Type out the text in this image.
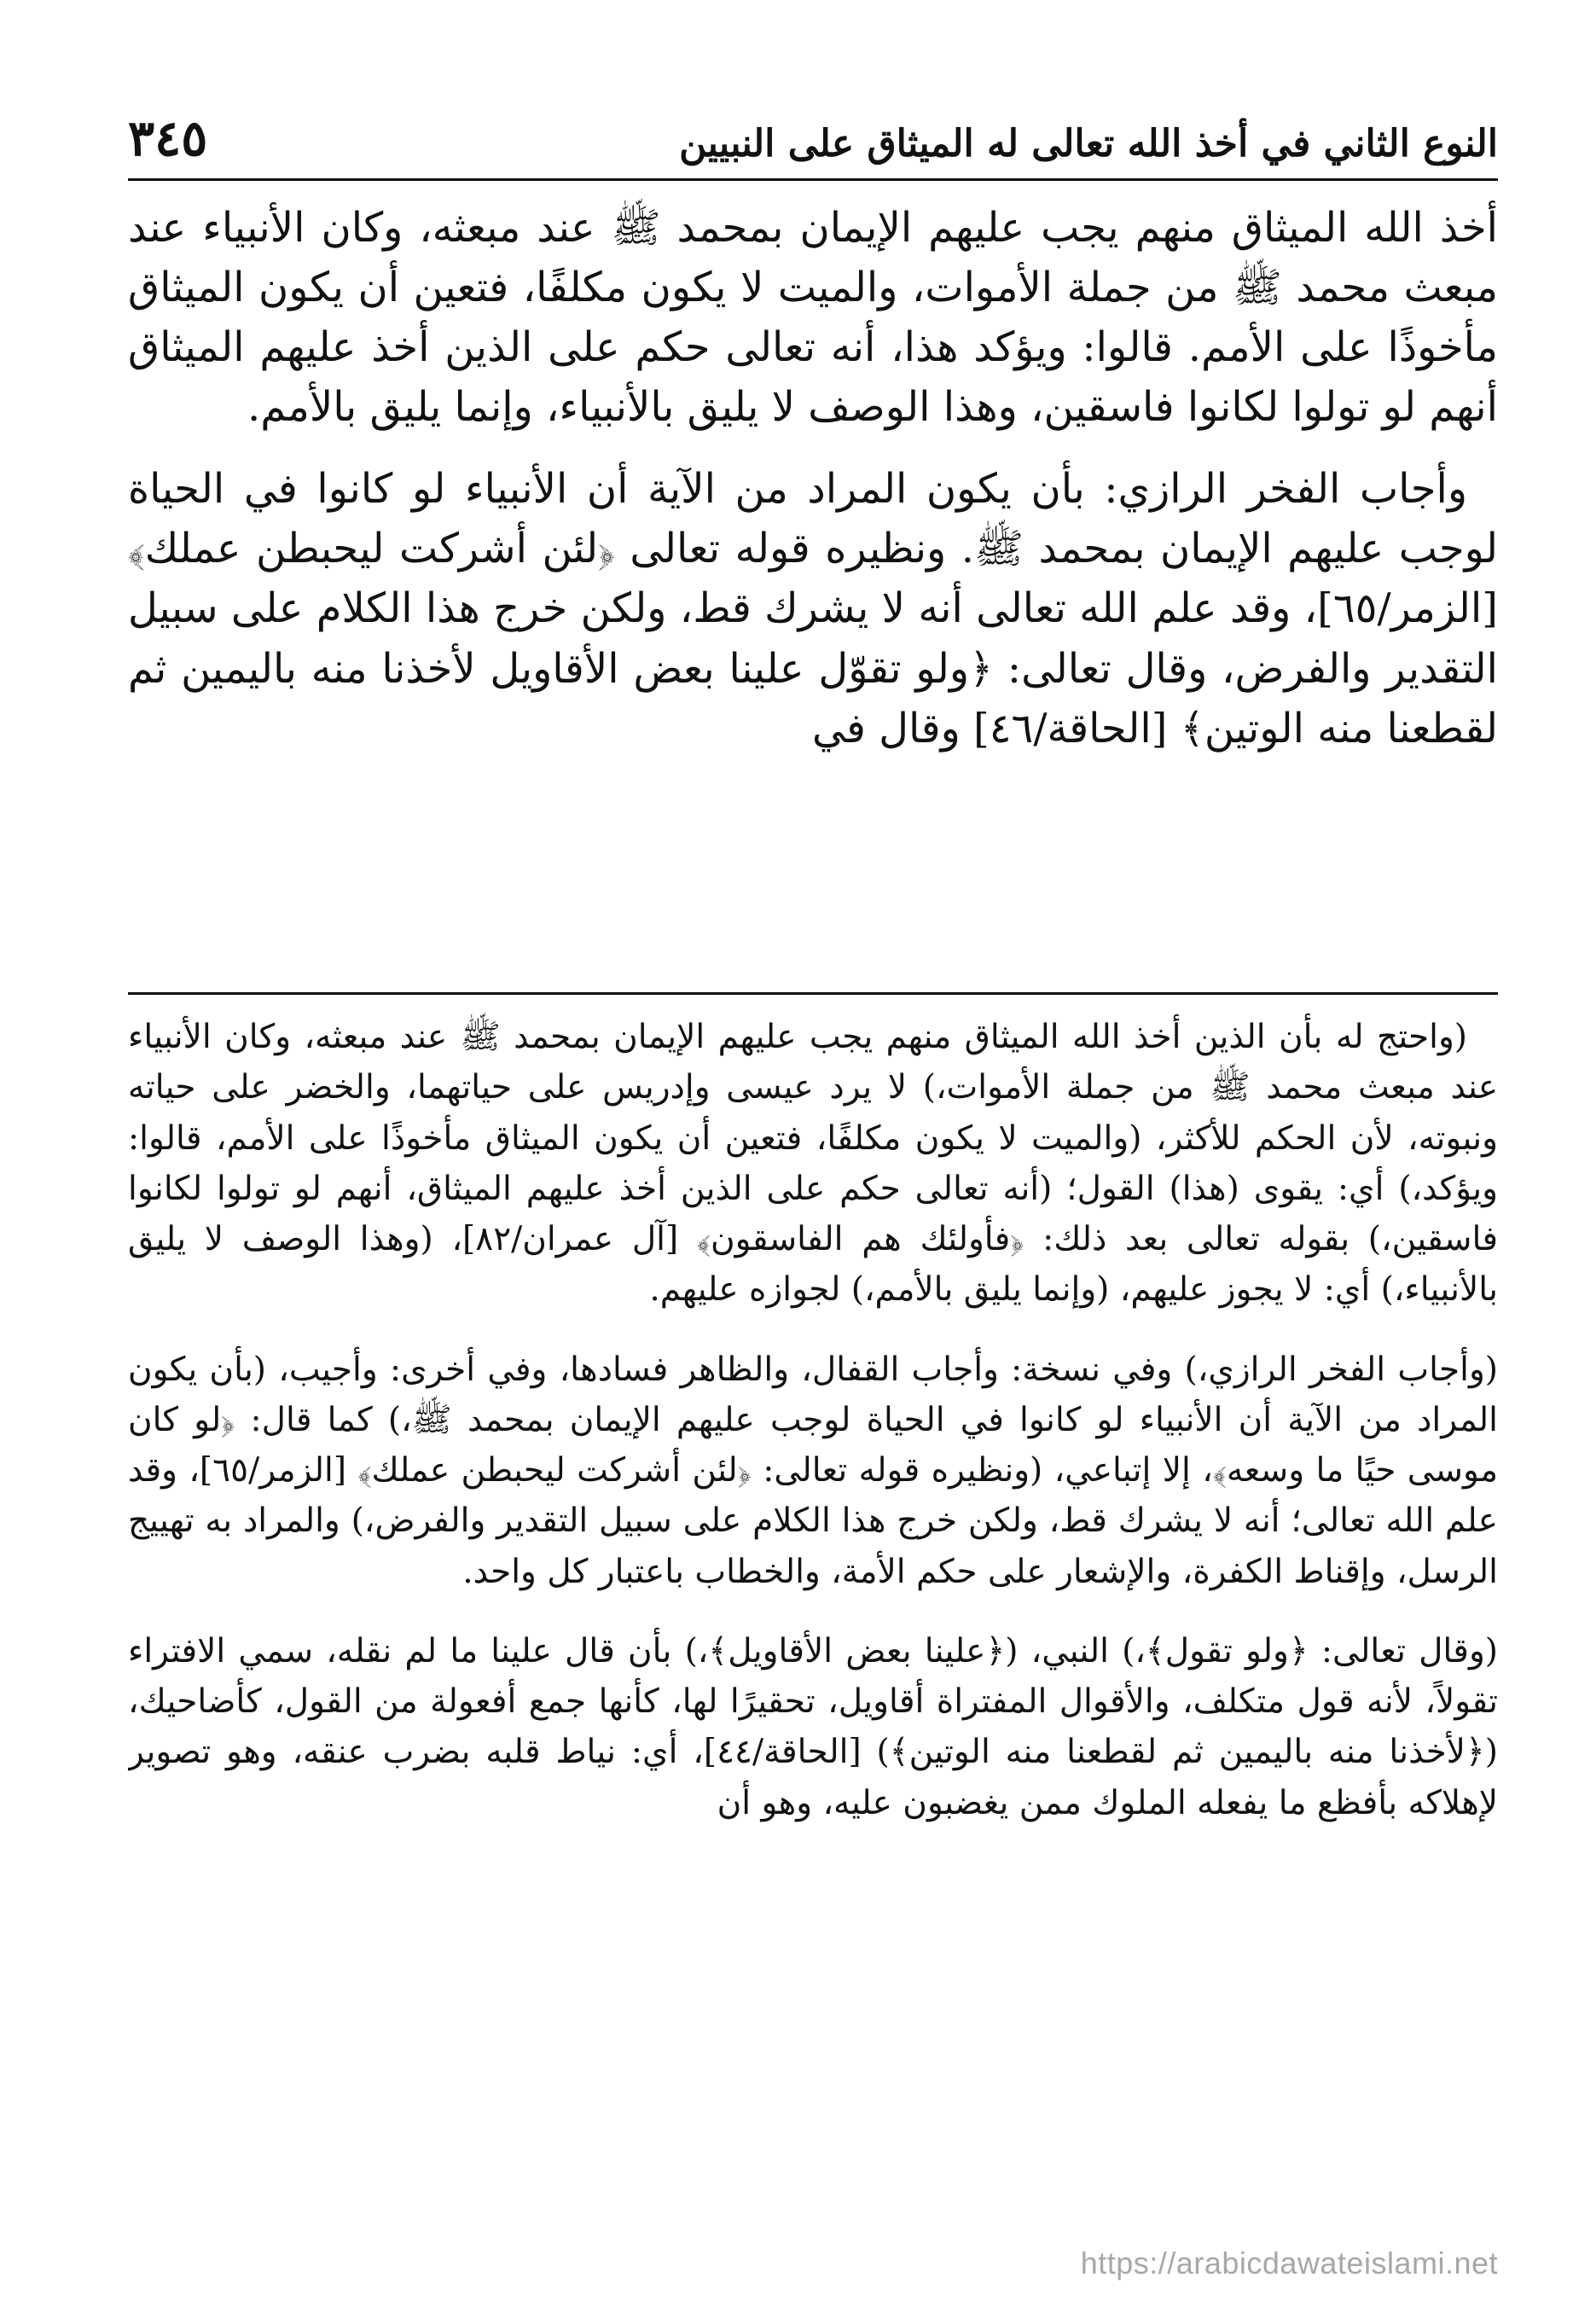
النوع الثاني في أخذ الله تعالى له الميثاق على النبيين
٣٤٥

أخذ الله الميثاق منهم يجب عليهم الإيمان بمحمد ﷺ عند مبعثه، وكان الأنبياء عند مبعث محمد ﷺ من جملة الأموات، والميت لا يكون مكلفًا، فتعين أن يكون الميثاق مأخوذًا على الأمم. قالوا: ويؤكد هذا، أنه تعالى حكم على الذين أخذ عليهم الميثاق أنهم لو تولوا لكانوا فاسقين، وهذا الوصف لا يليق بالأنبياء، وإنما يليق بالأمم.

وأجاب الفخر الرازي: بأن يكون المراد من الآية أن الأنبياء لو كانوا في الحياة لوجب عليهم الإيمان بمحمد ﷺ. ونظيره قوله تعالى ﴿لئن أشركت ليحبطن عملك﴾ [الزمر/٦٥]، وقد علم الله تعالى أنه لا يشرك قط، ولكن خرج هذا الكلام على سبيل التقدير والفرض، وقال تعالى: ﴿ولو تقوّل علينا بعض الأقاويل لأخذنا منه باليمين ثم لقطعنا منه الوتين﴾ [الحاقة/٤٦] وقال في

(واحتج له بأن الذين أخذ الله الميثاق منهم يجب عليهم الإيمان بمحمد ﷺ عند مبعثه، وكان الأنبياء عند مبعث محمد ﷺ من جملة الأموات،) لا يرد عيسى وإدريس على حياتهما، والخضر على حياته ونبوته، لأن الحكم للأكثر، (والميت لا يكون مكلفًا، فتعين أن يكون الميثاق مأخوذًا على الأمم، قالوا: ويؤكد،) أي: يقوى (هذا) القول؛ (أنه تعالى حكم على الذين أخذ عليهم الميثاق، أنهم لو تولوا لكانوا فاسقين،) بقوله تعالى بعد ذلك: ﴿فأولئك هم الفاسقون﴾ [آل عمران/٨٢]، (وهذا الوصف لا يليق بالأنبياء،) أي: لا يجوز عليهم، (وإنما يليق بالأمم،) لجوازه عليهم.

(وأجاب الفخر الرازي،) وفي نسخة: وأجاب القفال، والظاهر فسادها، وفي أخرى: وأجيب، (بأن يكون المراد من الآية أن الأنبياء لو كانوا في الحياة لوجب عليهم الإيمان بمحمد ﷺ،) كما قال: ﴿لو كان موسى حيًا ما وسعه﴾، إلا إتباعي، (ونظيره قوله تعالى: ﴿لئن أشركت ليحبطن عملك﴾ [الزمر/٦٥]، وقد علم الله تعالى؛ أنه لا يشرك قط، ولكن خرج هذا الكلام على سبيل التقدير والفرض،) والمراد به تهييج الرسل، وإقناط الكفرة، والإشعار على حكم الأمة، والخطاب باعتبار كل واحد.

(وقال تعالى: ﴿ولو تقول﴾،) النبي، (﴿علينا بعض الأقاويل﴾،) بأن قال علينا ما لم نقله، سمي الافتراء تقولاً، لأنه قول متكلف، والأقوال المفتراة أقاويل، تحقيرًا لها، كأنها جمع أفعولة من القول، كأضاحيك، (﴿لأخذنا منه باليمين ثم لقطعنا منه الوتين﴾) [الحاقة/٤٤]، أي: نياط قلبه بضرب عنقه، وهو تصوير لإهلاكه بأفظع ما يفعله الملوك ممن يغضبون عليه، وهو أن

https://arabicdawateislami.net
